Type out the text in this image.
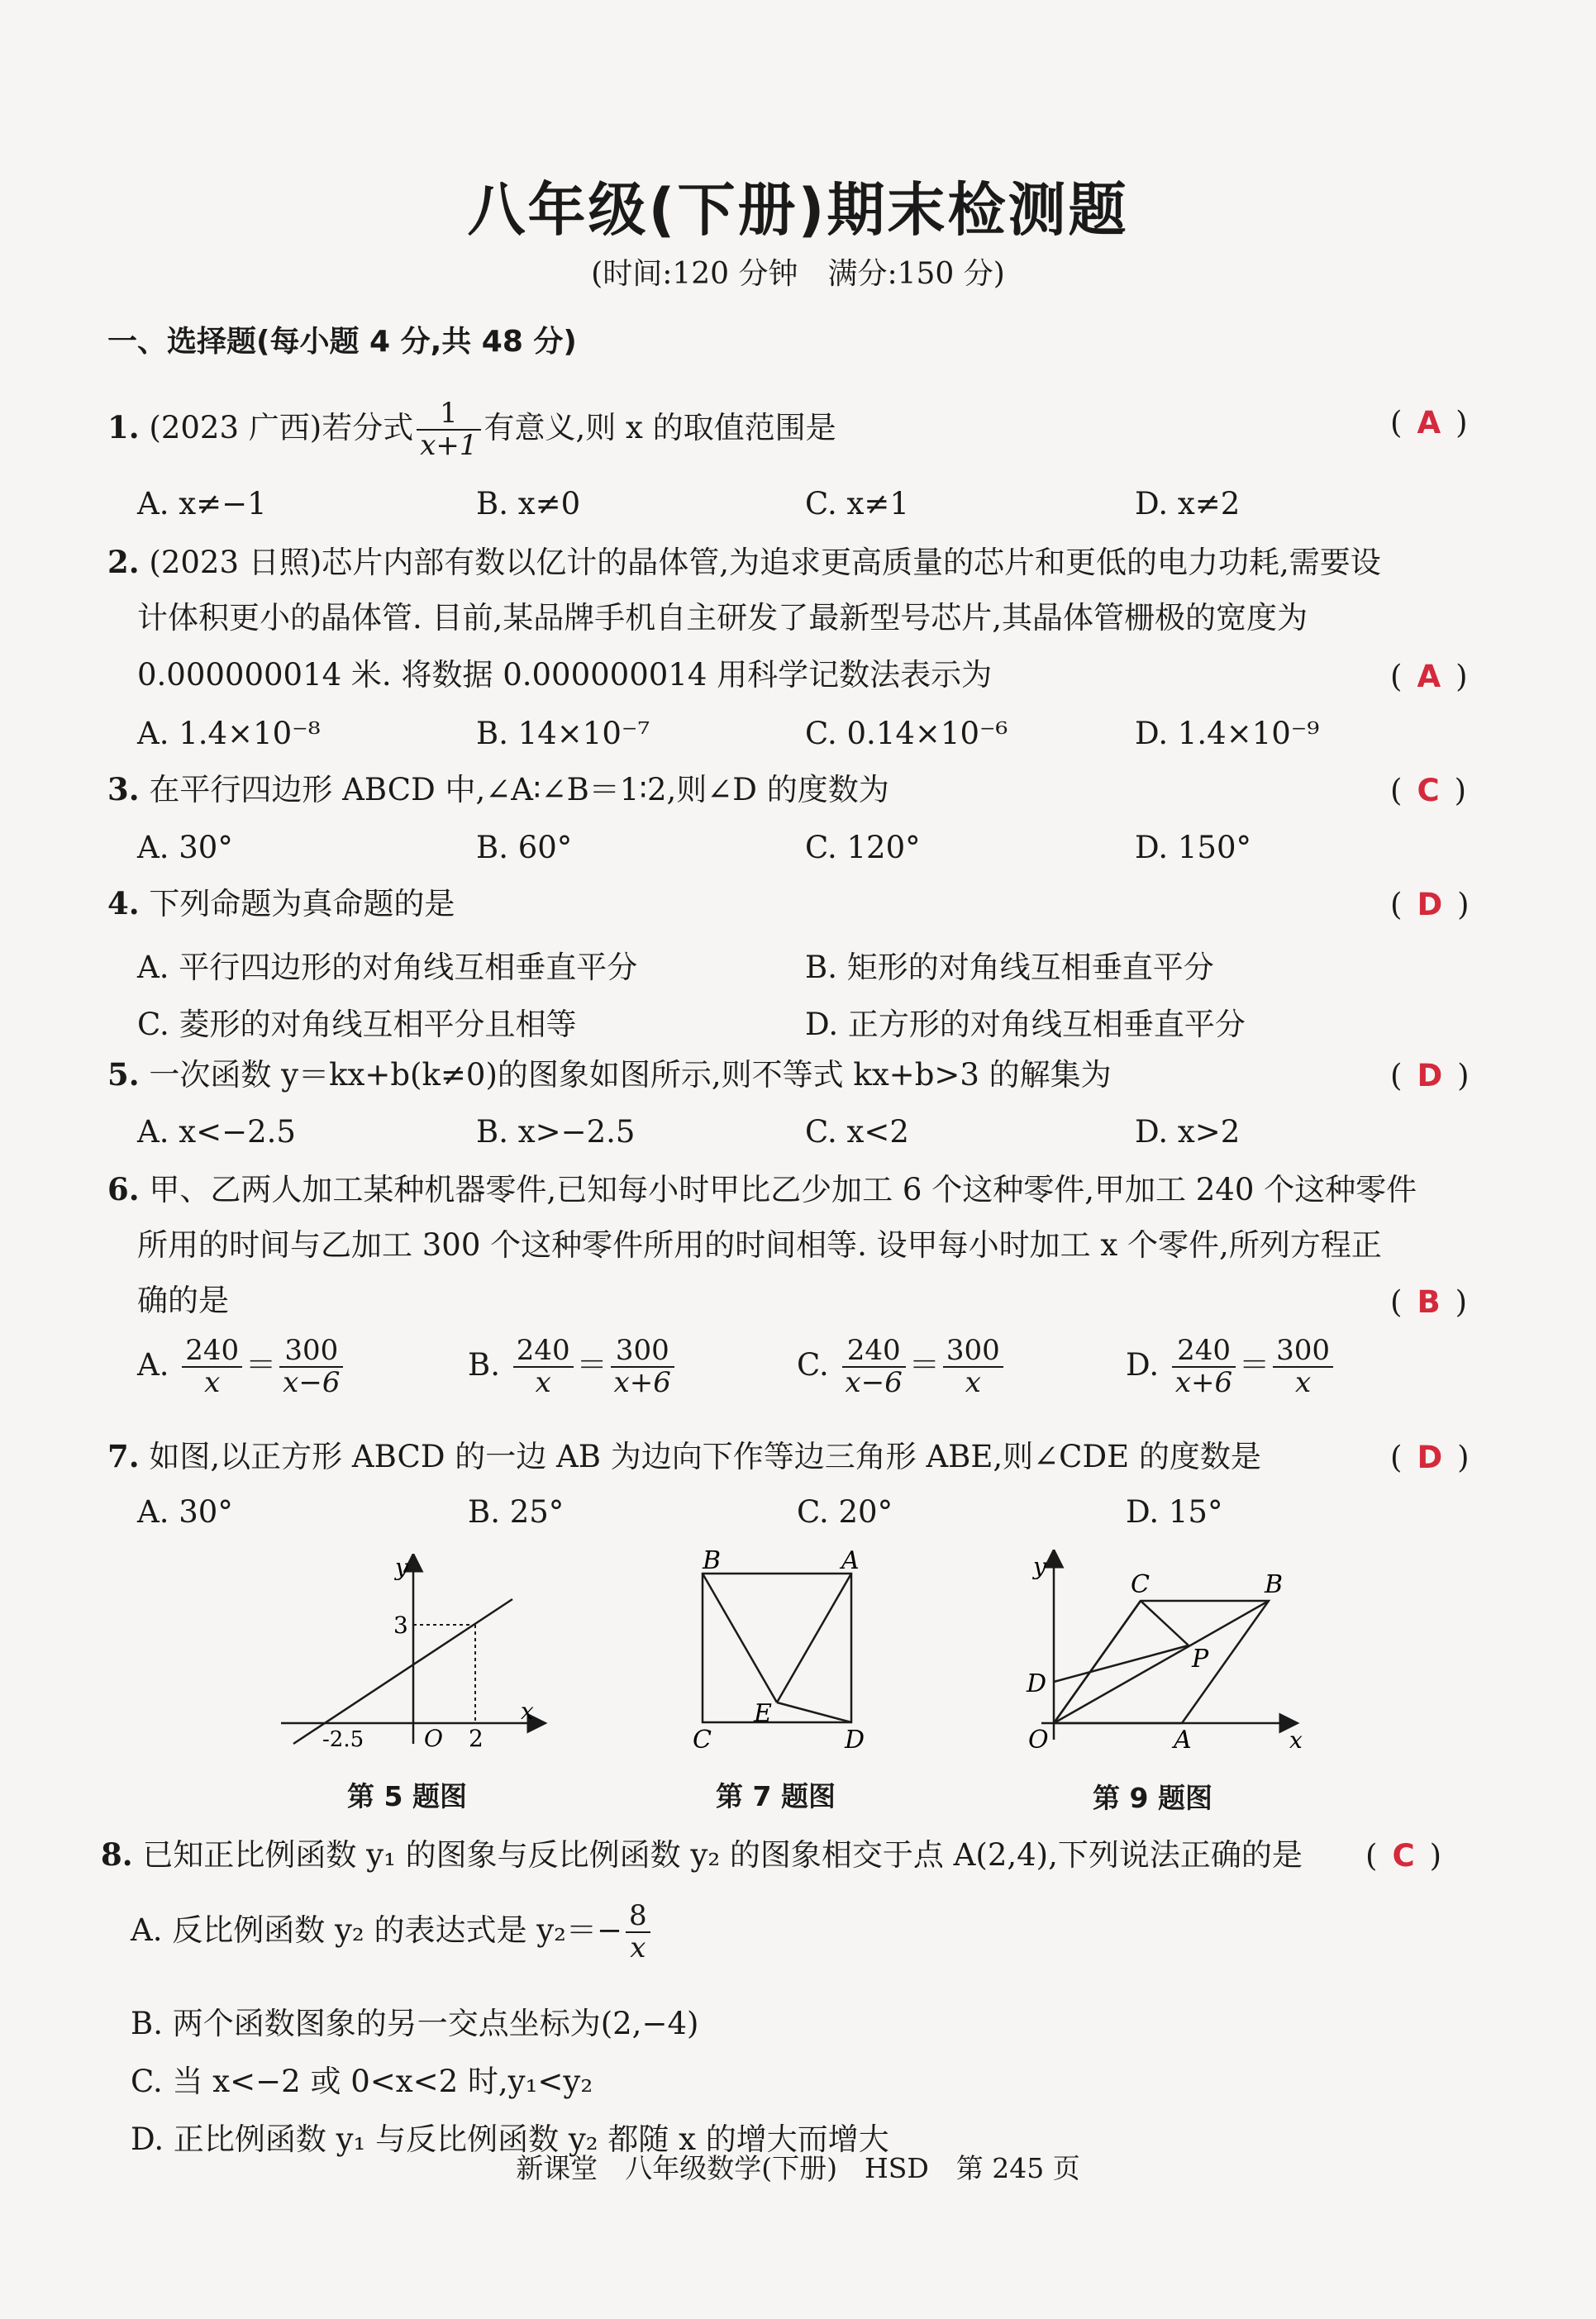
八年级(下册)期末检测题
(时间:120 分钟　满分:150 分)
一、选择题(每小题 4 分,共 48 分)
1. (2023 广西)若分式 $\frac{1}{x+1}$ 有意义,则 x 的取值范围是	( A )
A. x≠−1	B. x≠0	C. x≠1	D. x≠2
2. (2023 日照)芯片内部有数以亿计的晶体管,为追求更高质量的芯片和更低的电力功耗,需要设
计体积更小的晶体管. 目前,某品牌手机自主研发了最新型号芯片,其晶体管栅极的宽度为
0.000000014 米. 将数据 0.000000014 用科学记数法表示为	( A )
A. 1.4×10⁻⁸	B. 14×10⁻⁷	C. 0.14×10⁻⁶	D. 1.4×10⁻⁹
3. 在平行四边形 ABCD 中,∠A∶∠B＝1∶2,则∠D 的度数为	( C )
A. 30°	B. 60°	C. 120°	D. 150°
4. 下列命题为真命题的是	( D )
A. 平行四边形的对角线互相垂直平分	B. 矩形的对角线互相垂直平分
C. 菱形的对角线互相平分且相等	D. 正方形的对角线互相垂直平分
5. 一次函数 y＝kx+b(k≠0)的图象如图所示,则不等式 kx+b>3 的解集为	( D )
A. x<−2.5	B. x>−2.5	C. x<2	D. x>2
6. 甲、乙两人加工某种机器零件,已知每小时甲比乙少加工 6 个这种零件,甲加工 240 个这种零件
所用的时间与乙加工 300 个这种零件所用的时间相等. 设甲每小时加工 x 个零件,所列方程正
确的是	( B )
A. $\frac{240}{x} = \frac{300}{x-6}$	B. $\frac{240}{x} = \frac{300}{x+6}$	C. $\frac{240}{x-6} = \frac{300}{x}$	D. $\frac{240}{x+6} = \frac{300}{x}$
7. 如图,以正方形 ABCD 的一边 AB 为边向下作等边三角形 ABE,则∠CDE 的度数是	( D )
A. 30°	B. 25°	C. 20°	D. 15°
y
x
3
O 2
-2.5
第 5 题图
B	A
C	D
E
第 7 题图
y
x
O	A
B
C
D
P
第 9 题图
8. 已知正比例函数 y₁ 的图象与反比例函数 y₂ 的图象相交于点 A(2,4),下列说法正确的是 ( C )
A. 反比例函数 y₂ 的表达式是 $y_2=- \frac{8}{x}$
B. 两个函数图象的另一交点坐标为(2,−4)
C. 当 x<−2 或 0<x<2 时,y₁<y₂
D. 正比例函数 y₁ 与反比例函数 y₂ 都随 x 的增大而增大
新课堂　八年级数学(下册)　HSD　第 245 页
